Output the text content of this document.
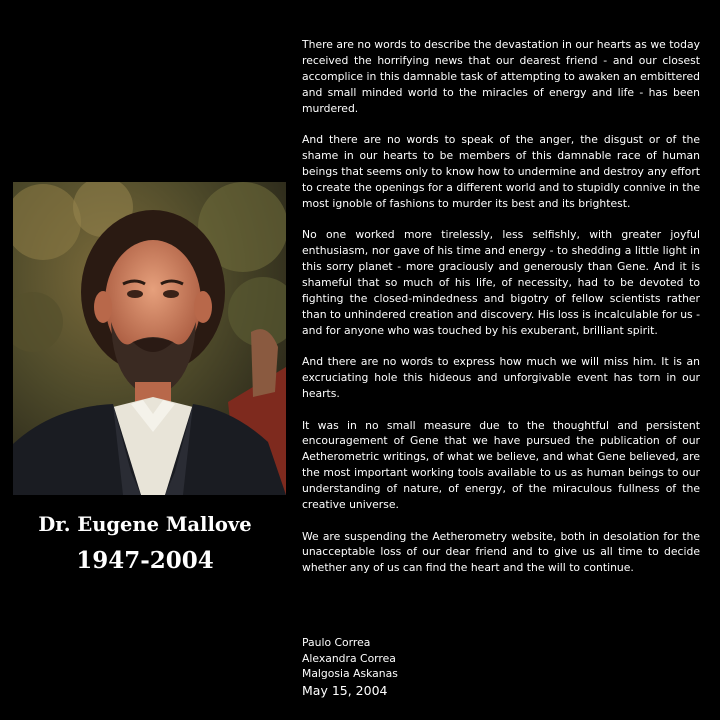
Dr. Eugene Mallove
1947-2004

There are no words to describe the devastation in our hearts as we today received the horrifying news that our dearest friend - and our closest accomplice in this damnable task of attempting to awaken an embittered and small minded world to the miracles of energy and life - has been murdered.

And there are no words to speak of the anger, the disgust or of the shame in our hearts to be members of this damnable race of human beings that seems only to know how to undermine and destroy any effort to create the openings for a different world and to stupidly connive in the most ignoble of fashions to murder its best and its brightest.

No one worked more tirelessly, less selfishly, with greater joyful enthusiasm, nor gave of his time and energy - to shedding a little light in this sorry planet - more graciously and generously than Gene. And it is shameful that so much of his life, of necessity, had to be devoted to fighting the closed-mindedness and bigotry of fellow scientists rather than to unhindered creation and discovery. His loss is incalculable for us - and for anyone who was touched by his exuberant, brilliant spirit.

And there are no words to express how much we will miss him. It is an excruciating hole this hideous and unforgivable event has torn in our hearts.

It was in no small measure due to the thoughtful and persistent encouragement of Gene that we have pursued the publication of our Aetherometric writings, of what we believe, and what Gene believed, are the most important working tools available to us as human beings to our understanding of nature, of energy, of the miraculous fullness of the creative universe.

We are suspending the Aetherometry website, both in desolation for the unacceptable loss of our dear friend and to give us all time to decide whether any of us can find the heart and the will to continue.

Paulo Correa
Alexandra Correa
Malgosia Askanas
May 15, 2004
